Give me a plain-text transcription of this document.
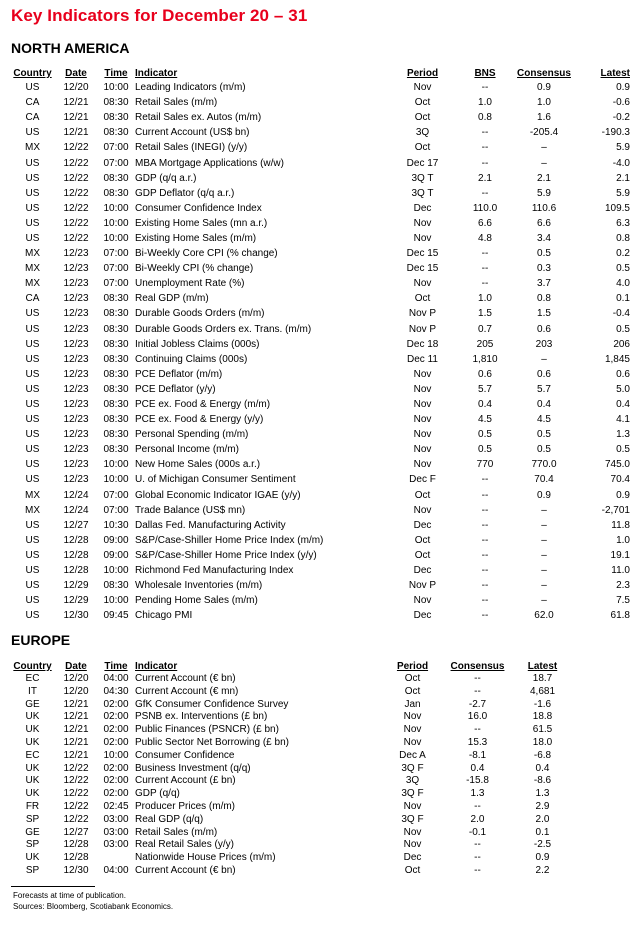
Key Indicators for December 20 – 31
NORTH AMERICA
Country	Date	Time	Indicator	Period	BNS	Consensus	Latest
US	12/20	10:00	Leading Indicators (m/m)	Nov	--	0.9	0.9
CA	12/21	08:30	Retail Sales (m/m)	Oct	1.0	1.0	-0.6
CA	12/21	08:30	Retail Sales ex. Autos (m/m)	Oct	0.8	1.6	-0.2
US	12/21	08:30	Current Account (US$ bn)	3Q	--	-205.4	-190.3
MX	12/22	07:00	Retail Sales (INEGI) (y/y)	Oct	--	–	5.9
US	12/22	07:00	MBA Mortgage Applications (w/w)	Dec 17	--	–	-4.0
US	12/22	08:30	GDP (q/q a.r.)	3Q T	2.1	2.1	2.1
US	12/22	08:30	GDP Deflator (q/q a.r.)	3Q T	--	5.9	5.9
US	12/22	10:00	Consumer Confidence Index	Dec	110.0	110.6	109.5
US	12/22	10:00	Existing Home Sales (mn a.r.)	Nov	6.6	6.6	6.3
US	12/22	10:00	Existing Home Sales (m/m)	Nov	4.8	3.4	0.8
MX	12/23	07:00	Bi-Weekly Core CPI (% change)	Dec 15	--	0.5	0.2
MX	12/23	07:00	Bi-Weekly CPI (% change)	Dec 15	--	0.3	0.5
MX	12/23	07:00	Unemployment Rate (%)	Nov	--	3.7	4.0
CA	12/23	08:30	Real GDP (m/m)	Oct	1.0	0.8	0.1
US	12/23	08:30	Durable Goods Orders (m/m)	Nov P	1.5	1.5	-0.4
US	12/23	08:30	Durable Goods Orders ex. Trans. (m/m)	Nov P	0.7	0.6	0.5
US	12/23	08:30	Initial Jobless Claims (000s)	Dec 18	205	203	206
US	12/23	08:30	Continuing Claims (000s)	Dec 11	1,810	–	1,845
US	12/23	08:30	PCE Deflator (m/m)	Nov	0.6	0.6	0.6
US	12/23	08:30	PCE Deflator (y/y)	Nov	5.7	5.7	5.0
US	12/23	08:30	PCE ex. Food & Energy (m/m)	Nov	0.4	0.4	0.4
US	12/23	08:30	PCE ex. Food & Energy (y/y)	Nov	4.5	4.5	4.1
US	12/23	08:30	Personal Spending (m/m)	Nov	0.5	0.5	1.3
US	12/23	08:30	Personal Income (m/m)	Nov	0.5	0.5	0.5
US	12/23	10:00	New Home Sales (000s a.r.)	Nov	770	770.0	745.0
US	12/23	10:00	U. of Michigan Consumer Sentiment	Dec F	--	70.4	70.4
MX	12/24	07:00	Global Economic Indicator IGAE (y/y)	Oct	--	0.9	0.9
MX	12/24	07:00	Trade Balance (US$ mn)	Nov	--	–	-2,701
US	12/27	10:30	Dallas Fed. Manufacturing Activity	Dec	--	–	11.8
US	12/28	09:00	S&P/Case-Shiller Home Price Index (m/m)	Oct	--	–	1.0
US	12/28	09:00	S&P/Case-Shiller Home Price Index (y/y)	Oct	--	–	19.1
US	12/28	10:00	Richmond Fed Manufacturing Index	Dec	--	–	11.0
US	12/29	08:30	Wholesale Inventories (m/m)	Nov P	--	–	2.3
US	12/29	10:00	Pending Home Sales (m/m)	Nov	--	–	7.5
US	12/30	09:45	Chicago PMI	Dec	--	62.0	61.8
EUROPE
Country	Date	Time	Indicator	Period	Consensus	Latest
EC	12/20	04:00	Current Account (€ bn)	Oct	--	18.7
IT	12/20	04:30	Current Account (€ mn)	Oct	--	4,681
GE	12/21	02:00	GfK Consumer Confidence Survey	Jan	-2.7	-1.6
UK	12/21	02:00	PSNB ex. Interventions (£ bn)	Nov	16.0	18.8
UK	12/21	02:00	Public Finances (PSNCR) (£ bn)	Nov	--	61.5
UK	12/21	02:00	Public Sector Net Borrowing (£ bn)	Nov	15.3	18.0
EC	12/21	10:00	Consumer Confidence	Dec A	-8.1	-6.8
UK	12/22	02:00	Business Investment (q/q)	3Q F	0.4	0.4
UK	12/22	02:00	Current Account (£ bn)	3Q	-15.8	-8.6
UK	12/22	02:00	GDP (q/q)	3Q F	1.3	1.3
FR	12/22	02:45	Producer Prices (m/m)	Nov	--	2.9
SP	12/22	03:00	Real GDP (q/q)	3Q F	2.0	2.0
GE	12/27	03:00	Retail Sales (m/m)	Nov	-0.1	0.1
SP	12/28	03:00	Real Retail Sales (y/y)	Nov	--	-2.5
UK	12/28		Nationwide House Prices (m/m)	Dec	--	0.9
SP	12/30	04:00	Current Account (€ bn)	Oct	--	2.2
Forecasts at time of publication.
Sources: Bloomberg, Scotiabank Economics.
